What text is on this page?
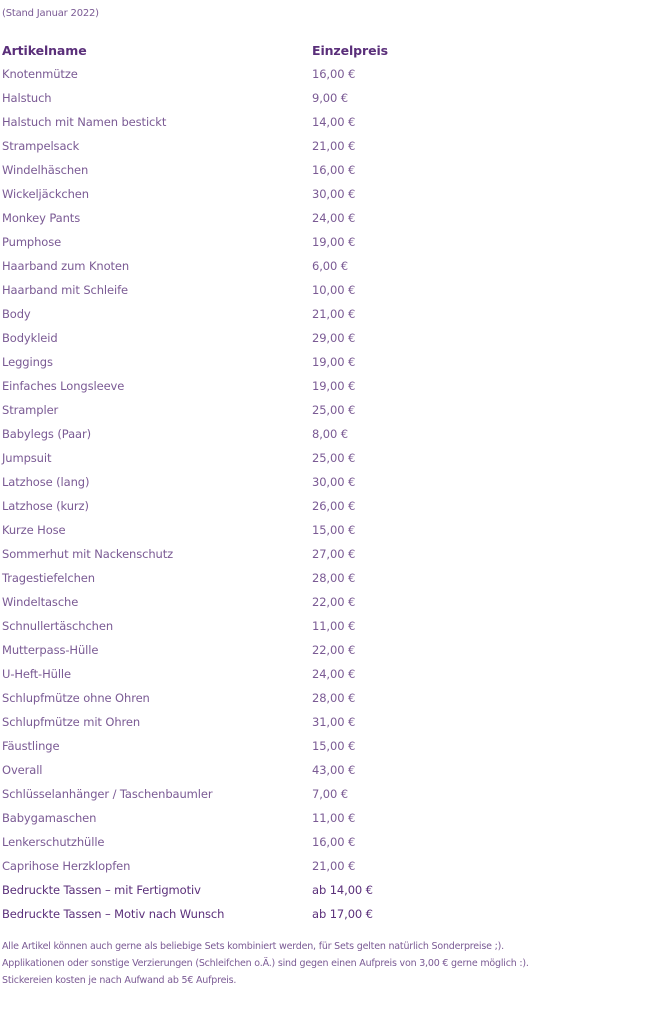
(Stand Januar 2022)
Artikelname	Einzelpreis
Knotenmütze	16,00 €
Halstuch	9,00 €
Halstuch mit Namen bestickt	14,00 €
Strampelsack	21,00 €
Windelhäschen	16,00 €
Wickeljäckchen	30,00 €
Monkey Pants	24,00 €
Pumphose	19,00 €
Haarband zum Knoten	6,00 €
Haarband mit Schleife	10,00 €
Body	21,00 €
Bodykleid	29,00 €
Leggings	19,00 €
Einfaches Longsleeve	19,00 €
Strampler	25,00 €
Babylegs (Paar)	8,00 €
Jumpsuit	25,00 €
Latzhose (lang)	30,00 €
Latzhose (kurz)	26,00 €
Kurze Hose	15,00 €
Sommerhut mit Nackenschutz	27,00 €
Tragestiefelchen	28,00 €
Windeltasche	22,00 €
Schnullertäschchen	11,00 €
Mutterpass-Hülle	22,00 €
U-Heft-Hülle	24,00 €
Schlupfmütze ohne Ohren	28,00 €
Schlupfmütze mit Ohren	31,00 €
Fäustlinge	15,00 €
Overall	43,00 €
Schlüsselanhänger / Taschenbaumler	7,00 €
Babygamaschen	11,00 €
Lenkerschutzhülle	16,00 €
Caprihose Herzklopfen	21,00 €
Bedruckte Tassen – mit Fertigmotiv	ab 14,00 €
Bedruckte Tassen – Motiv nach Wunsch	ab 17,00 €
Alle Artikel können auch gerne als beliebige Sets kombiniert werden, für Sets gelten natürlich Sonderpreise ;).
Applikationen oder sonstige Verzierungen (Schleifchen o.Ä.) sind gegen einen Aufpreis von 3,00 € gerne möglich :).
Stickereien kosten je nach Aufwand ab 5€ Aufpreis.
